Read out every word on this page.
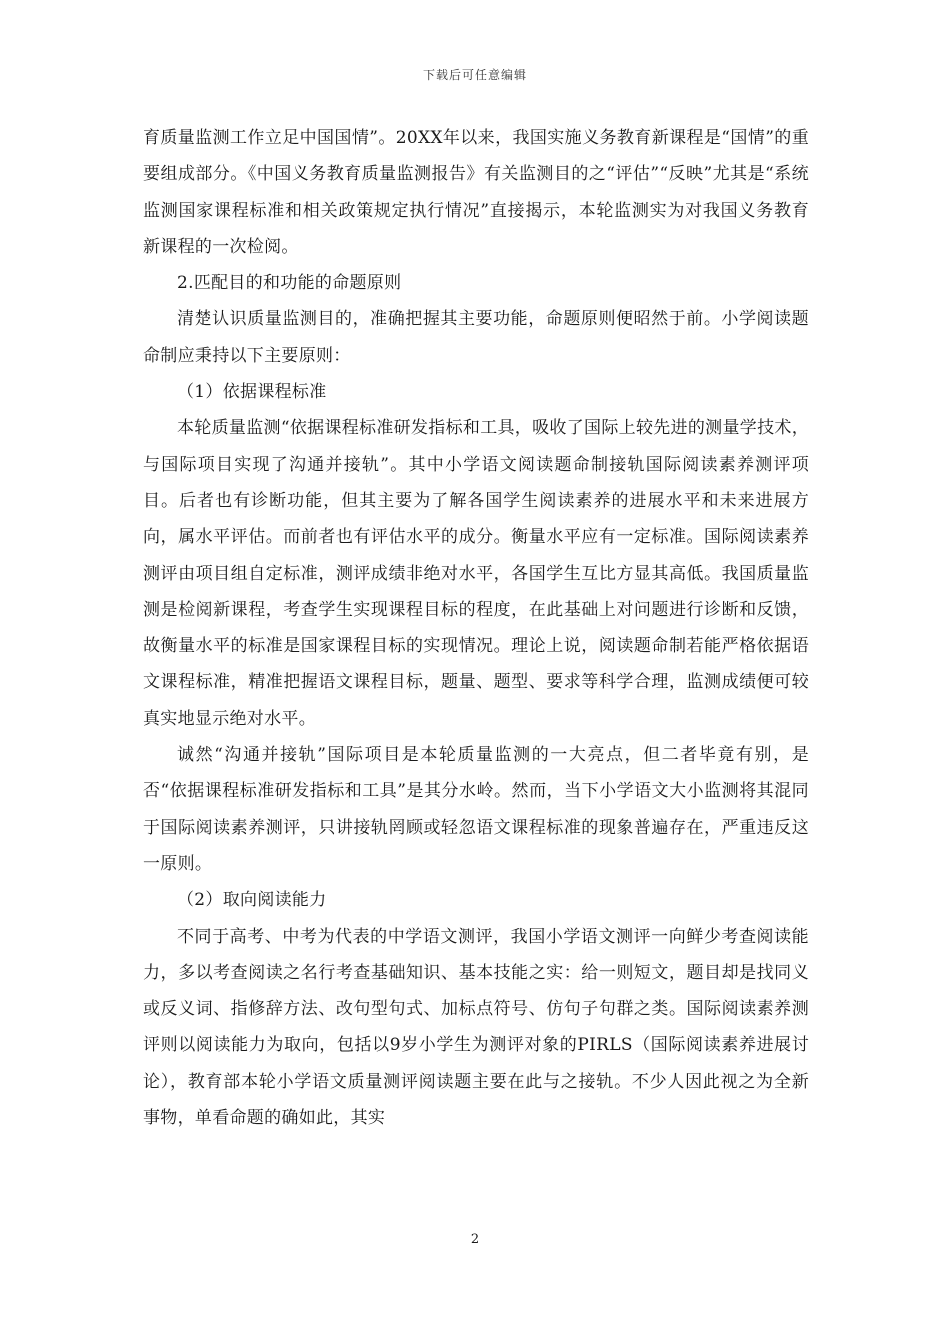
下载后可任意编辑

育质量监测工作立足中国国情”。20XX年以来，我国实施义务教育新课程是“国情”的重要组成部分。《中国义务教育质量监测报告》有关监测目的之“评估”“反映”尤其是“系统监测国家课程标准和相关政策规定执行情况”直接揭示，本轮监测实为对我国义务教育新课程的一次检阅。

2.匹配目的和功能的命题原则

清楚认识质量监测目的，准确把握其主要功能，命题原则便昭然于前。小学阅读题命制应秉持以下主要原则：

（1）依据课程标准

本轮质量监测“依据课程标准研发指标和工具，吸收了国际上较先进的测量学技术，与国际项目实现了沟通并接轨”。其中小学语文阅读题命制接轨国际阅读素养测评项目。后者也有诊断功能，但其主要为了解各国学生阅读素养的进展水平和未来进展方向，属水平评估。而前者也有评估水平的成分。衡量水平应有一定标准。国际阅读素养测评由项目组自定标准，测评成绩非绝对水平，各国学生互比方显其高低。我国质量监测是检阅新课程，考查学生实现课程目标的程度，在此基础上对问题进行诊断和反馈，故衡量水平的标准是国家课程目标的实现情况。理论上说，阅读题命制若能严格依据语文课程标准，精准把握语文课程目标，题量、题型、要求等科学合理，监测成绩便可较真实地显示绝对水平。

诚然“沟通并接轨”国际项目是本轮质量监测的一大亮点，但二者毕竟有别，是否“依据课程标准研发指标和工具”是其分水岭。然而，当下小学语文大小监测将其混同于国际阅读素养测评，只讲接轨罔顾或轻忽语文课程标准的现象普遍存在，严重违反这一原则。

（2）取向阅读能力

不同于高考、中考为代表的中学语文测评，我国小学语文测评一向鲜少考查阅读能力，多以考查阅读之名行考查基础知识、基本技能之实：给一则短文，题目却是找同义或反义词、指修辞方法、改句型句式、加标点符号、仿句子句群之类。国际阅读素养测评则以阅读能力为取向，包括以9岁小学生为测评对象的PIRLS（国际阅读素养进展讨论），教育部本轮小学语文质量测评阅读题主要在此与之接轨。不少人因此视之为全新事物，单看命题的确如此，其实

2
